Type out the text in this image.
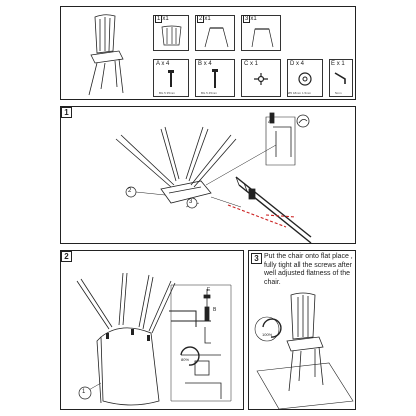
1 x1	2 x1	3 x1
A x 4
BG 5 35mm
B x 4
BG 5 45mm
C x 1	D x 4
Ø5 18mm 1.5mm
E x 1
5mm
1
2
3
A
2
E
B
80%
1
3 Put the chair onto flat place , fully tight all the screws after well adjusted flatness of the chair.
100%
